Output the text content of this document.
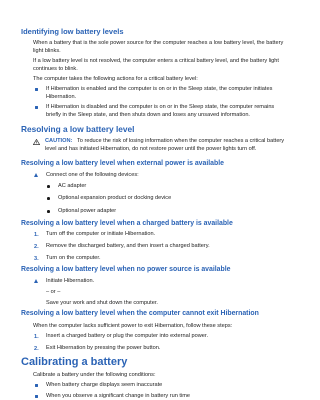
Identifying low battery levels
When a battery that is the sole power source for the computer reaches a low battery level, the battery
light blinks.
If a low battery level is not resolved, the computer enters a critical battery level, and the battery light
continues to blink.
The computer takes the following actions for a critical battery level:
If Hibernation is enabled and the computer is on or in the Sleep state, the computer initiates
Hibernation.
If Hibernation is disabled and the computer is on or in the Sleep state, the computer remains
briefly in the Sleep state, and then shuts down and loses any unsaved information.
Resolving a low battery level
CAUTION: To reduce the risk of losing information when the computer reaches a critical battery
level and has initiated Hibernation, do not restore power until the power lights turn off.
Resolving a low battery level when external power is available
Connect one of the following devices:
AC adapter
Optional expansion product or docking device
Optional power adapter
Resolving a low battery level when a charged battery is available
1. Turn off the computer or initiate Hibernation.
2. Remove the discharged battery, and then insert a charged battery.
3. Turn on the computer.
Resolving a low battery level when no power source is available
Initiate Hibernation.
– or –
Save your work and shut down the computer.
Resolving a low battery level when the computer cannot exit Hibernation
When the computer lacks sufficient power to exit Hibernation, follow these steps:
1. Insert a charged battery or plug the computer into external power.
2. Exit Hibernation by pressing the power button.
Calibrating a battery
Calibrate a battery under the following conditions:
When battery charge displays seem inaccurate
When you observe a significant change in battery run time
